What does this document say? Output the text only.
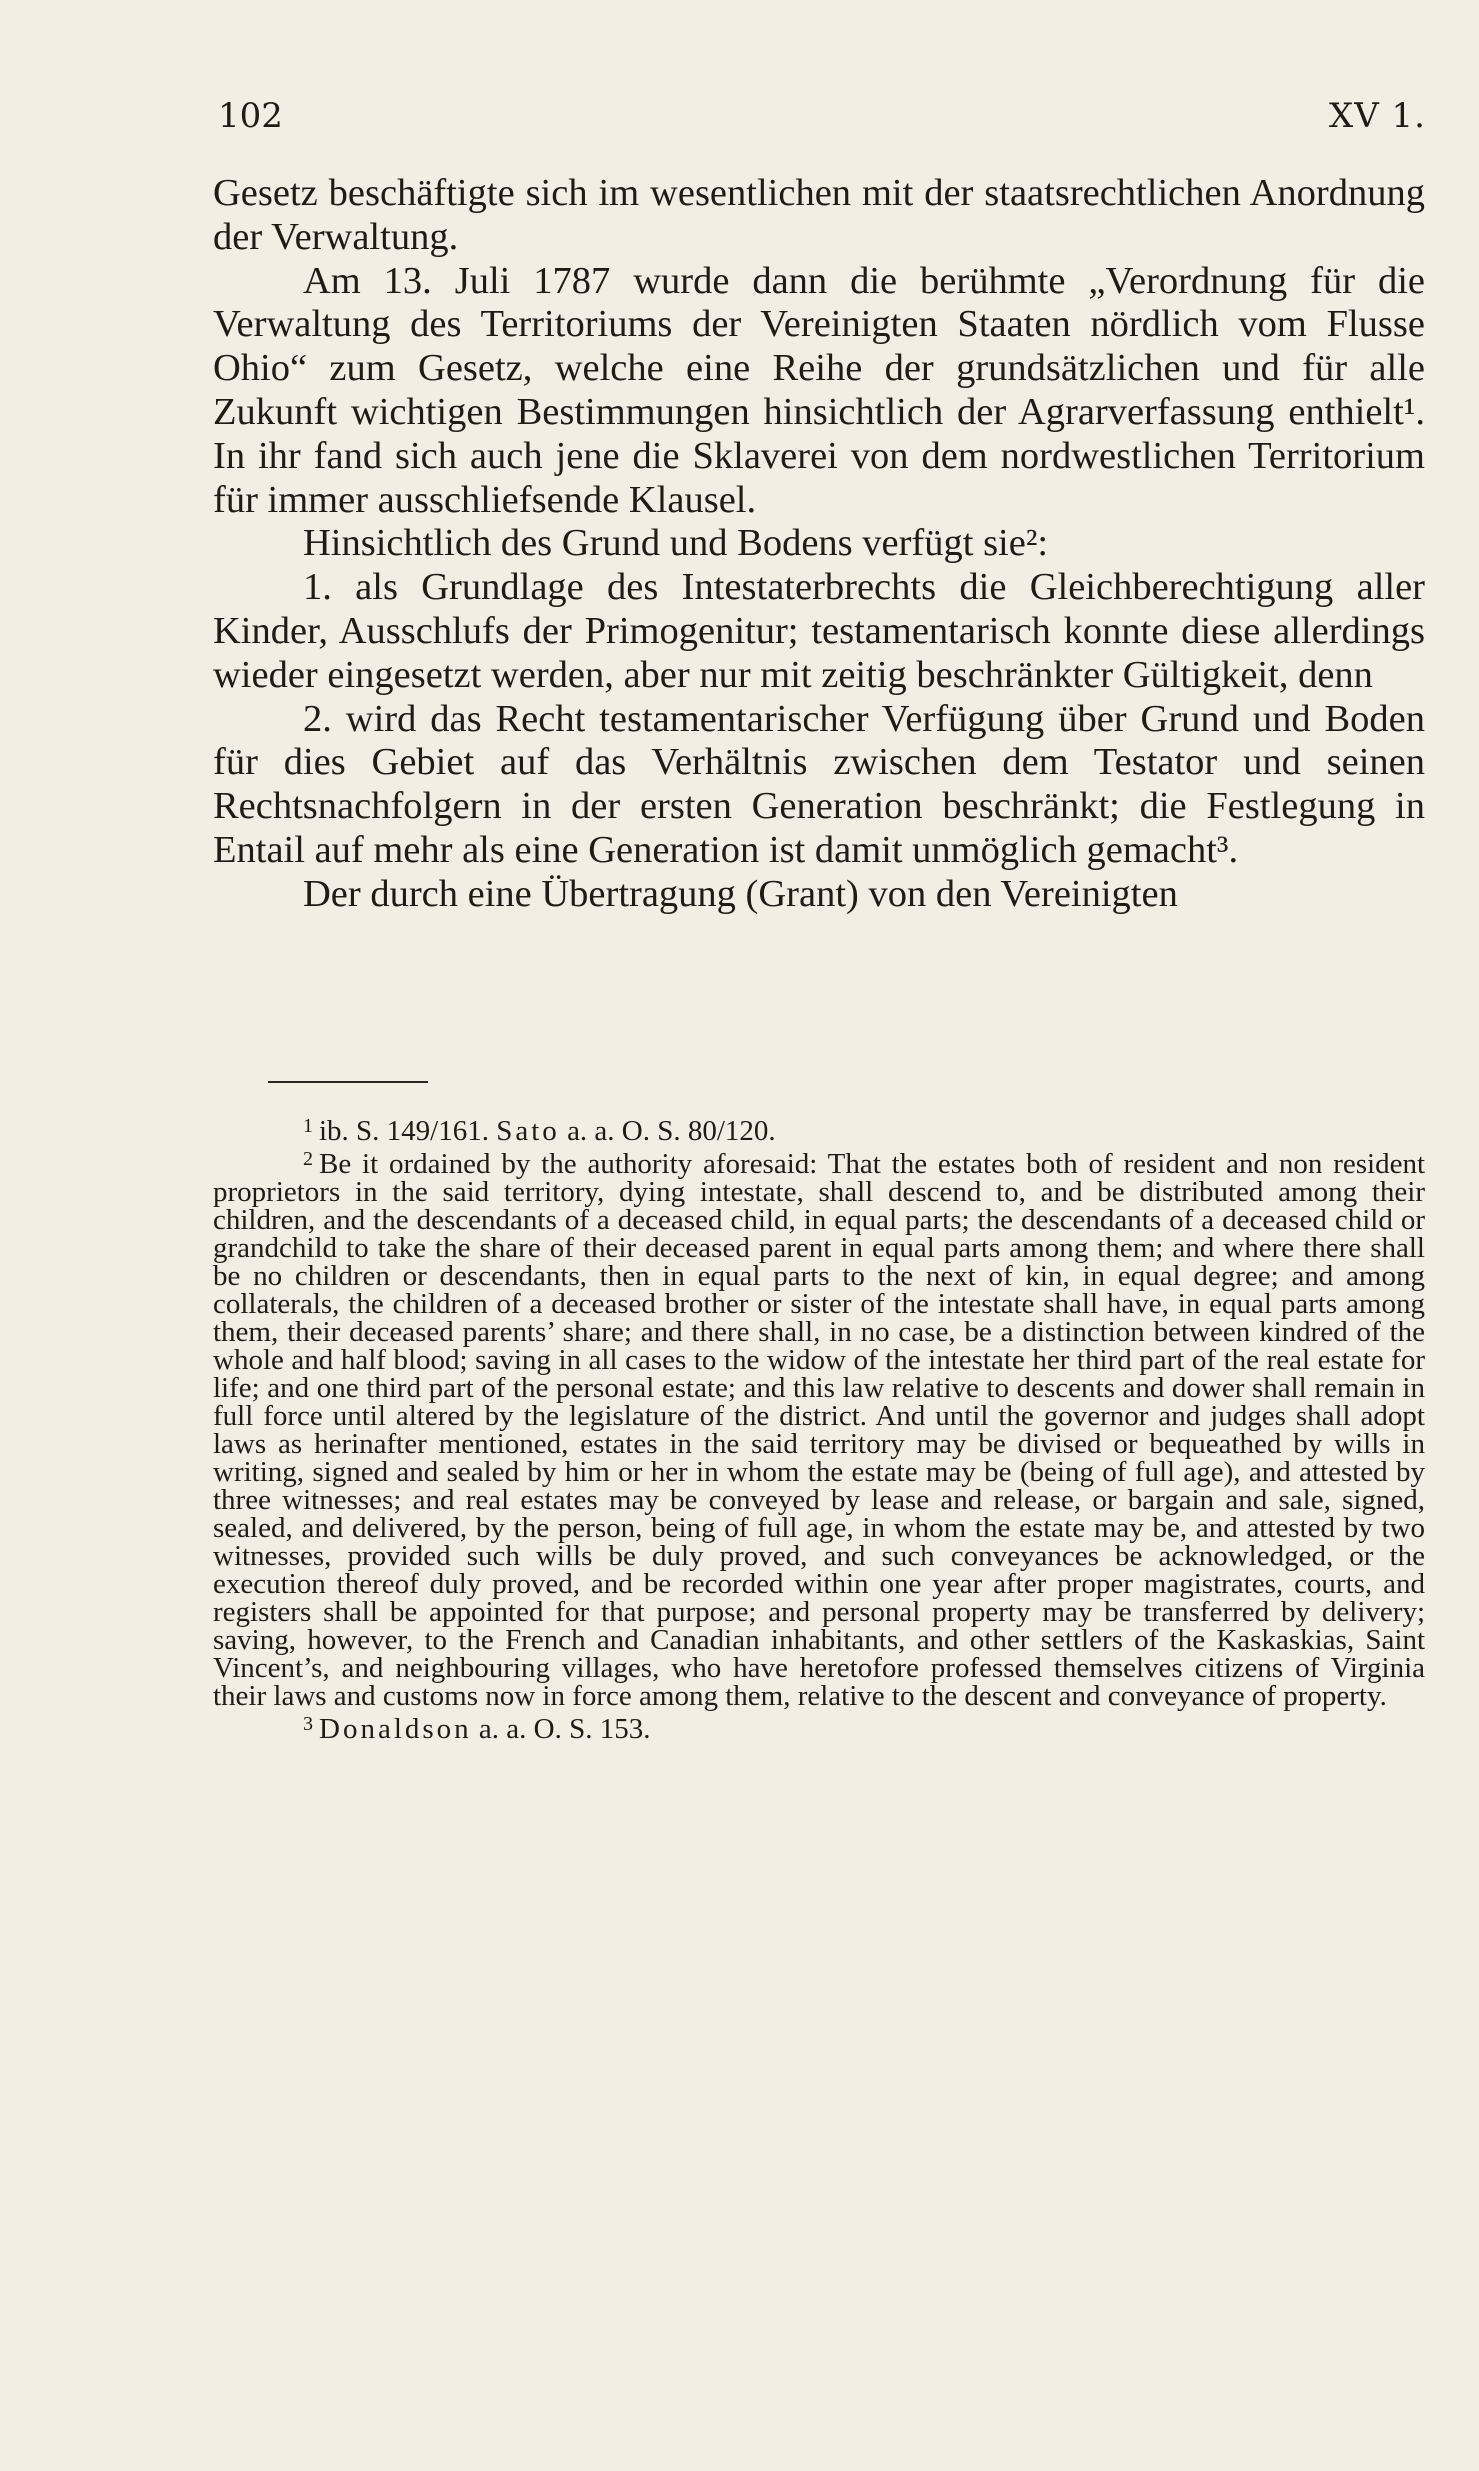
102	XV 1.

Gesetz beschäftigte sich im wesentlichen mit der staatsrechtlichen Anordnung der Verwaltung.

Am 13. Juli 1787 wurde dann die berühmte „Verordnung für die Verwaltung des Territoriums der Vereinigten Staaten nördlich vom Flusse Ohio“ zum Gesetz, welche eine Reihe der grundsätzlichen und für alle Zukunft wichtigen Bestimmungen hinsichtlich der Agrarverfassung enthielt¹. In ihr fand sich auch jene die Sklaverei von dem nordwestlichen Territorium für immer ausschliefsende Klausel.

Hinsichtlich des Grund und Bodens verfügt sie²:

1. als Grundlage des Intestaterbrechts die Gleichberechtigung aller Kinder, Ausschlufs der Primogenitur; testamentarisch konnte diese allerdings wieder eingesetzt werden, aber nur mit zeitig beschränkter Gültigkeit, denn

2. wird das Recht testamentarischer Verfügung über Grund und Boden für dies Gebiet auf das Verhältnis zwischen dem Testator und seinen Rechtsnachfolgern in der ersten Generation beschränkt; die Festlegung in Entail auf mehr als eine Generation ist damit unmöglich gemacht³.

Der durch eine Übertragung (Grant) von den Vereinigten

$^1$ ib. S. 149/161. Sato a. a. O. S. 80/120.

$^2$ Be it ordained by the authority aforesaid: That the estates both of resident and non resident proprietors in the said territory, dying intestate, shall descend to, and be distributed among their children, and the descendants of a deceased child, in equal parts; the descendants of a deceased child or grandchild to take the share of their deceased parent in equal parts among them; and where there shall be no children or descendants, then in equal parts to the next of kin, in equal degree; and among collaterals, the children of a deceased brother or sister of the intestate shall have, in equal parts among them, their deceased parents’ share; and there shall, in no case, be a distinction between kindred of the whole and half blood; saving in all cases to the widow of the intestate her third part of the real estate for life; and one third part of the personal estate; and this law relative to descents and dower shall remain in full force until altered by the legislature of the district. And until the governor and judges shall adopt laws as herinafter mentioned, estates in the said territory may be divised or bequeathed by wills in writing, signed and sealed by him or her in whom the estate may be (being of full age), and attested by three witnesses; and real estates may be conveyed by lease and release, or bargain and sale, signed, sealed, and delivered, by the person, being of full age, in whom the estate may be, and attested by two witnesses, provided such wills be duly proved, and such conveyances be acknowledged, or the execution thereof duly proved, and be recorded within one year after proper magistrates, courts, and registers shall be appointed for that purpose; and personal property may be transferred by delivery; saving, however, to the French and Canadian inhabitants, and other settlers of the Kaskaskias, Saint Vincent’s, and neighbouring villages, who have heretofore professed themselves citizens of Virginia their laws and customs now in force among them, relative to the descent and conveyance of property.

$^3$ Donaldson a. a. O. S. 153.
